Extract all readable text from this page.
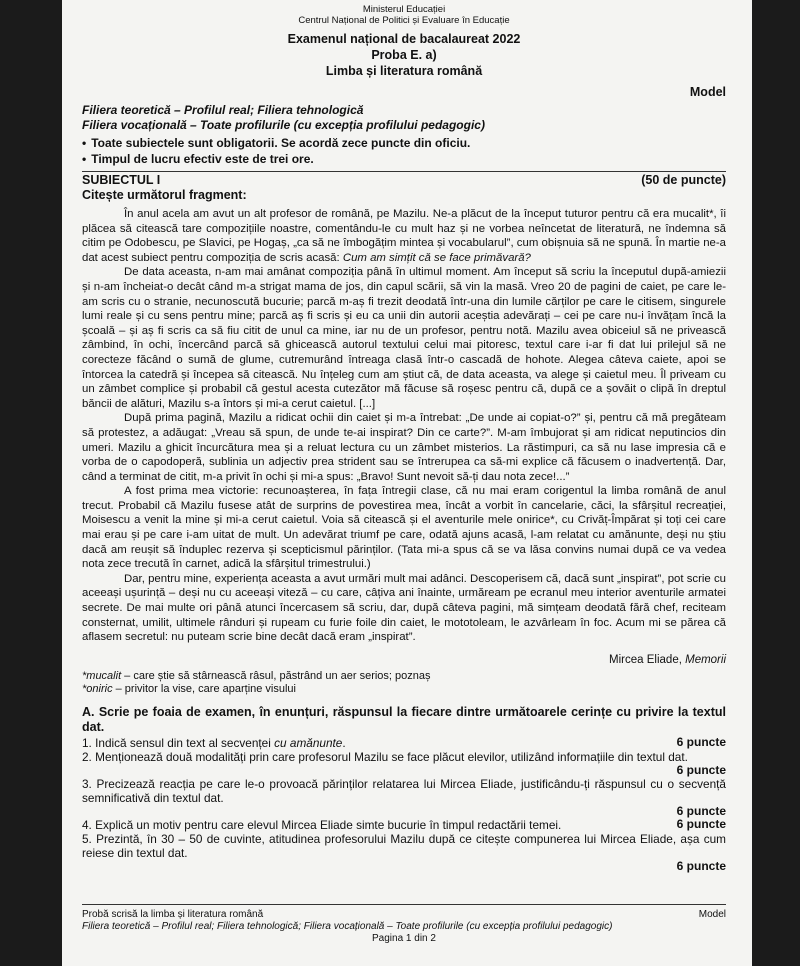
Ministerul Educației
Centrul Național de Politici și Evaluare în Educație
Examenul național de bacalaureat 2022
Proba E. a)
Limba și literatura română
Model
Filiera teoretică – Profilul real; Filiera tehnologică
Filiera vocațională – Toate profilurile (cu excepția profilului pedagogic)
• Toate subiectele sunt obligatorii. Se acordă zece puncte din oficiu.
• Timpul de lucru efectiv este de trei ore.
SUBIECTUL I	(50 de puncte)
Citește următorul fragment:

În anul acela am avut un alt profesor de română, pe Mazilu. Ne-a plăcut de la început tuturor pentru că era mucalit*, îi plăcea să citească tare compozițiile noastre, comentându-le cu mult haz și ne vorbea neîncetat de literatură, ne îndemna să citim pe Odobescu, pe Slavici, pe Hogaș, „ca să ne îmbogățim mintea și vocabularul”, cum obișnuia să ne spună. În martie ne-a dat acest subiect pentru compoziția de scris acasă: Cum am simțit că se face primăvară?

De data aceasta, n-am mai amânat compoziția până în ultimul moment. Am început să scriu la începutul după-amiezii și n-am încheiat-o decât când m-a strigat mama de jos, din capul scării, să vin la masă. Vreo 20 de pagini de caiet, pe care le-am scris cu o stranie, necunoscută bucurie; parcă m-aș fi trezit deodată într-una din lumile cărților pe care le citisem, singurele lumi reale și cu sens pentru mine; parcă aș fi scris și eu ca unii din autorii aceștia adevărați – cei pe care nu-i învățam încă la școală – și aș fi scris ca să fiu citit de unul ca mine, iar nu de un profesor, pentru notă. Mazilu avea obiceiul să ne privească zâmbind, în ochi, încercând parcă să ghicească autorul textului celui mai pitoresc, textul care i-ar fi dat lui prilejul să ne corecteze făcând o sumă de glume, cutremurând întreaga clasă într-o cascadă de hohote. Alegea câteva caiete, apoi se întorcea la catedră și începea să citească. Nu înțeleg cum am știut că, de data aceasta, va alege și caietul meu. Îl priveam cu un zâmbet complice și probabil că gestul acesta cutezător mă făcuse să roșesc pentru că, după ce a șovăit o clipă în dreptul băncii de alături, Mazilu s-a întors și mi-a cerut caietul. [...]

După prima pagină, Mazilu a ridicat ochii din caiet și m-a întrebat: „De unde ai copiat-o?” și, pentru că mă pregăteam să protestez, a adăugat: „Vreau să spun, de unde te-ai inspirat? Din ce carte?”. M-am îmbujorat și am ridicat neputincios din umeri. Mazilu a ghicit încurcătura mea și a reluat lectura cu un zâmbet misterios. La răstimpuri, ca să nu lase impresia că e vorba de o capodoperă, sublinia un adjectiv prea strident sau se întrerupea ca să-mi explice că făcusem o inadvertență. Dar, când a terminat de citit, m-a privit în ochi și mi-a spus: „Bravo! Sunt nevoit să-ți dau nota zece!...”

A fost prima mea victorie: recunoașterea, în fața întregii clase, că nu mai eram corigentul la limba română de anul trecut. Probabil că Mazilu fusese atât de surprins de povestirea mea, încât a vorbit în cancelarie, căci, la sfârșitul recreației, Moisescu a venit la mine și mi-a cerut caietul. Voia să citească și el aventurile mele onirice*, cu Crivăț-Împărat și toți cei care mai erau și pe care i-am uitat de mult. Un adevărat triumf pe care, odată ajuns acasă, l-am relatat cu amănunte, deși nu știu dacă am reușit să înduplec rezerva și scepticismul părinților. (Tata mi-a spus că se va lăsa convins numai după ce va vedea nota zece trecută în carnet, adică la sfârșitul trimestrului.)

Dar, pentru mine, experiența aceasta a avut urmări mult mai adânci. Descoperisem că, dacă sunt „inspirat”, pot scrie cu aceeași ușurință – deși nu cu aceeași viteză – cu care, câțiva ani înainte, urmăream pe ecranul meu interior aventurile armatei secrete. De mai multe ori până atunci încercasem să scriu, dar, după câteva pagini, mă simțeam deodată fără chef, reciteam consternat, umilit, ultimele rânduri și rupeam cu furie foile din caiet, le mototoleam, le azvârleam în foc. Acum mi se părea că aflasem secretul: nu puteam scrie bine decât dacă eram „inspirat”.

Mircea Eliade, Memorii
*mucalit – care știe să stârnească râsul, păstrând un aer serios; poznaș
*oniric – privitor la vise, care aparține visului
A. Scrie pe foaia de examen, în enunțuri, răspunsul la fiecare dintre următoarele cerințe cu privire la textul dat.
1. Indică sensul din text al secvenței cu amănunte.	6 puncte
2. Menționează două modalități prin care profesorul Mazilu se face plăcut elevilor, utilizând informațiile din textul dat.
6 puncte
3. Precizează reacția pe care le-o provoacă părinților relatarea lui Mircea Eliade, justificându-ți răspunsul cu o secvență semnificativă din textul dat.
6 puncte
4. Explică un motiv pentru care elevul Mircea Eliade simte bucurie în timpul redactării temei.	6 puncte
5. Prezintă, în 30 – 50 de cuvinte, atitudinea profesorului Mazilu după ce citește compunerea lui Mircea Eliade, așa cum reiese din textul dat.
6 puncte
Probă scrisă la limba și literatura română	Model
Filiera teoretică – Profilul real; Filiera tehnologică; Filiera vocațională – Toate profilurile (cu excepția profilului pedagogic)
Pagina 1 din 2
